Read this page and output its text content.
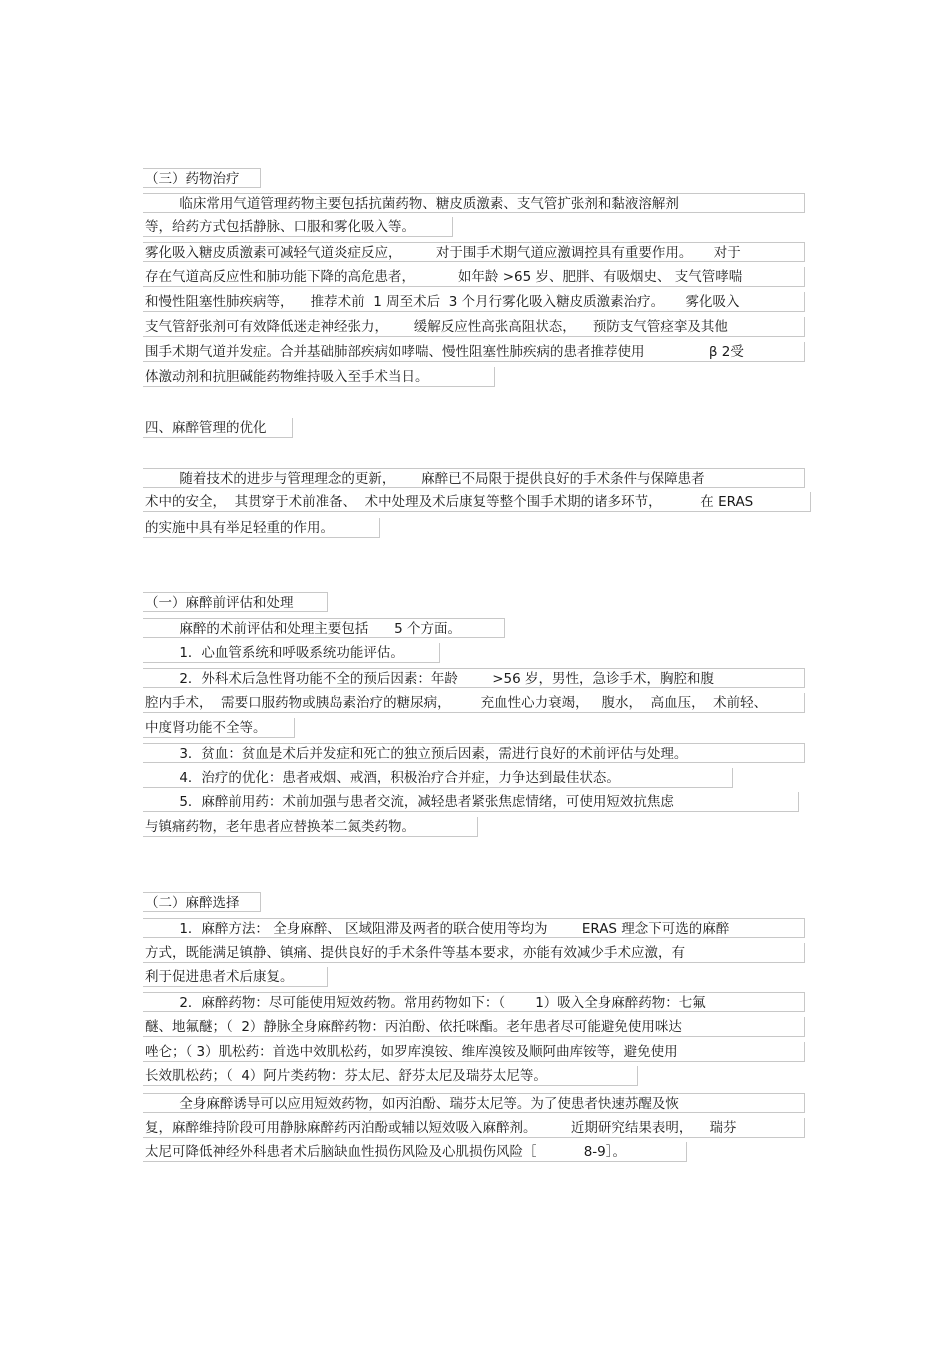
（三）药物治疗
临床常用气道管理药物主要包括抗菌药物、糖皮质激素、支气管扩张剂和黏液溶解剂
等，给药方式包括静脉、口服和雾化吸入等。
雾化吸入糖皮质激素可减轻气道炎症反应，        对于围手术期气道应激调控具有重要作用。     对于
存在气道高反应性和肺功能下降的高危患者，          如年龄 >65 岁、肥胖、有吸烟史、 支气管哮喘
和慢性阻塞性肺疾病等，    推荐术前  1 周至术后  3 个月行雾化吸入糖皮质激素治疗。     雾化吸入
支气管舒张剂可有效降低迷走神经张力，      缓解反应性高张高阻状态，    预防支气管痉挛及其他
围手术期气道并发症。合并基础肺部疾病如哮喘、慢性阻塞性肺疾病的患者推荐使用               β 2受
体激动剂和抗胆碱能药物维持吸入至手术当日。
四、麻醉管理的优化
随着技术的进步与管理理念的更新，      麻醉已不局限于提供良好的手术条件与保障患者
术中的安全，  其贯穿于术前准备、  术中处理及术后康复等整个围手术期的诸多环节，         在 ERAS
的实施中具有举足轻重的作用。
（一）麻醉前评估和处理
麻醉的术前评估和处理主要包括      5 个方面。
1．心血管系统和呼吸系统功能评估。
2．外科术后急性肾功能不全的预后因素：年龄        >56 岁，男性，急诊手术，胸腔和腹
腔内手术，  需要口服药物或胰岛素治疗的糖尿病，       充血性心力衰竭，   腹水，  高血压，  术前轻、
中度肾功能不全等。
3．贫血：贫血是术后并发症和死亡的独立预后因素，需进行良好的术前评估与处理。
4．治疗的优化：患者戒烟、戒酒，积极治疗合并症，力争达到最佳状态。
5．麻醉前用药：术前加强与患者交流，减轻患者紧张焦虑情绪，可使用短效抗焦虑
与镇痛药物，老年患者应替换苯二氮类药物。
（二）麻醉选择
1．麻醉方法： 全身麻醉、 区域阻滞及两者的联合使用等均为        ERAS 理念下可选的麻醉
方式，既能满足镇静、镇痛、提供良好的手术条件等基本要求，亦能有效减少手术应激，有
利于促进患者术后康复。
2．麻醉药物：尽可能使用短效药物。常用药物如下：（       1）吸入全身麻醉药物：七氟
醚、地氟醚；（  2）静脉全身麻醉药物：丙泊酚、依托咪酯。老年患者尽可能避免使用咪达
唑仑；（ 3）肌松药：首选中效肌松药，如罗库溴铵、维库溴铵及顺阿曲库铵等，避免使用
长效肌松药；（  4）阿片类药物：芬太尼、舒芬太尼及瑞芬太尼等。
全身麻醉诱导可以应用短效药物，如丙泊酚、瑞芬太尼等。为了使患者快速苏醒及恢
复，麻醉维持阶段可用静脉麻醉药丙泊酚或辅以短效吸入麻醉剂。        近期研究结果表明，    瑞芬
太尼可降低神经外科患者术后脑缺血性损伤风险及心肌损伤风险［           8-9］。
